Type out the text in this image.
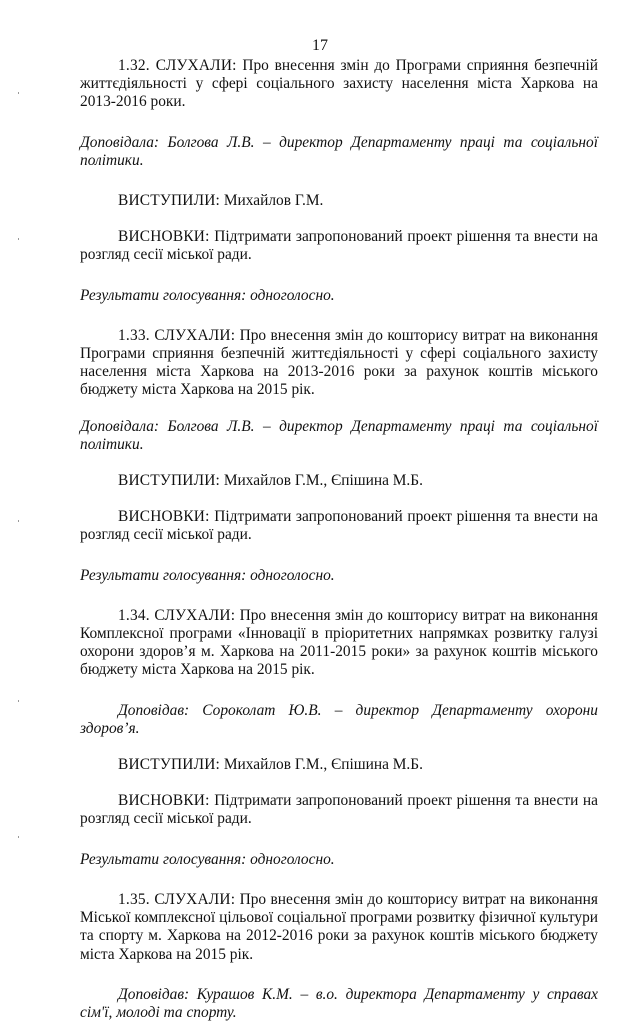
17

1.32. СЛУХАЛИ: Про внесення змін до Програми сприяння безпечній життєдіяльності у сфері соціального захисту населення міста Харкова на 2013-2016 роки.

Доповідала: Болгова Л.В. – директор Департаменту праці та соціальної політики.

ВИСТУПИЛИ: Михайлов Г.М.

ВИСНОВКИ: Підтримати запропонований проект рішення та внести на розгляд сесії міської ради.

Результати голосування: одноголосно.

1.33. СЛУХАЛИ: Про внесення змін до кошторису витрат на виконання Програми сприяння безпечній життєдіяльності у сфері соціального захисту населення міста Харкова на 2013-2016 роки за рахунок коштів міського бюджету міста Харкова на 2015 рік.

Доповідала: Болгова Л.В. – директор Департаменту праці та соціальної політики.

ВИСТУПИЛИ: Михайлов Г.М., Єпішина М.Б.

ВИСНОВКИ: Підтримати запропонований проект рішення та внести на розгляд сесії міської ради.

Результати голосування: одноголосно.

1.34. СЛУХАЛИ: Про внесення змін до кошторису витрат на виконання Комплексної програми «Інновації в пріоритетних напрямках розвитку галузі охорони здоров’я м. Харкова на 2011-2015 роки» за рахунок коштів міського бюджету міста Харкова на 2015 рік.

Доповідав: Сороколат Ю.В. – директор Департаменту охорони здоров’я.

ВИСТУПИЛИ: Михайлов Г.М., Єпішина М.Б.

ВИСНОВКИ: Підтримати запропонований проект рішення та внести на розгляд сесії міської ради.

Результати голосування: одноголосно.

1.35. СЛУХАЛИ: Про внесення змін до кошторису витрат на виконання Міської комплексної цільової соціальної програми розвитку фізичної культури та спорту м. Харкова на 2012-2016 роки за рахунок коштів міського бюджету міста Харкова на 2015 рік.

Доповідав: Курашов К.М. – в.о. директора Департаменту у справах сім'ї, молоді та спорту.
